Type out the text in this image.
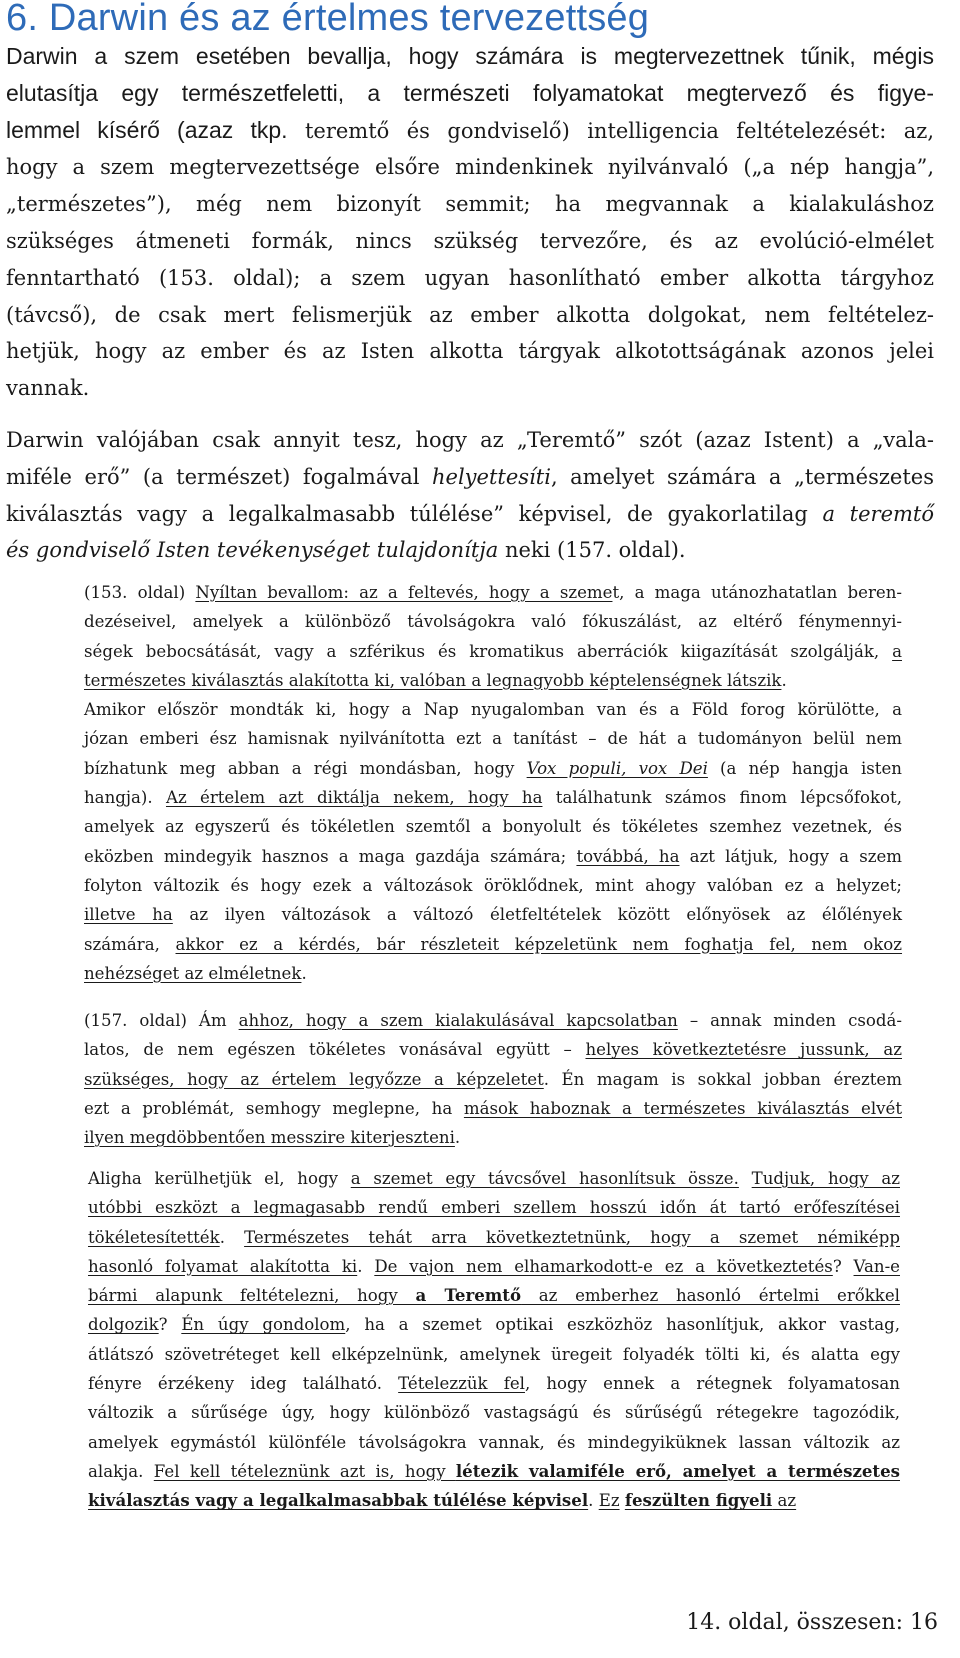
6. Darwin és az értelmes tervezettség
Darwin a szem esetében bevallja, hogy számára is megtervezettnek tűnik, mégis
elutasítja egy természetfeletti, a természeti folyamatokat megtervező és figye-
lemmel kísérő (azaz tkp. teremtő és gondviselő) intelligencia feltételezését: az,
hogy a szem megtervezettsége elsőre mindenkinek nyilvánvaló („a nép hangja”,
„természetes”), még nem bizonyít semmit; ha megvannak a kialakuláshoz
szükséges átmeneti formák, nincs szükség tervezőre, és az evolúció-elmélet
fenntartható (153. oldal); a szem ugyan hasonlítható ember alkotta tárgyhoz
(távcső), de csak mert felismerjük az ember alkotta dolgokat, nem feltételez-
hetjük, hogy az ember és az Isten alkotta tárgyak alkotottságának azonos jelei
vannak.
Darwin valójában csak annyit tesz, hogy az „Teremtő” szót (azaz Istent) a „vala-
miféle erő” (a természet) fogalmával helyettesíti, amelyet számára a „természetes
kiválasztás vagy a legalkalmasabb túlélése” képvisel, de gyakorlatilag a teremtő
és gondviselő Isten tevékenységet tulajdonítja neki (157. oldal).
(153. oldal) Nyíltan bevallom: az a feltevés, hogy a szemet, a maga utánozhatatlan beren-
dezéseivel, amelyek a különböző távolságokra való fókuszálást, az eltérő fénymennyi-
ségek bebocsátását, vagy a szférikus és kromatikus aberrációk kiigazítását szolgálják, a
természetes kiválasztás alakította ki, valóban a legnagyobb képtelenségnek látszik.
Amikor először mondták ki, hogy a Nap nyugalomban van és a Föld forog körülötte, a
józan emberi ész hamisnak nyilvánította ezt a tanítást – de hát a tudományon belül nem
bízhatunk meg abban a régi mondásban, hogy Vox populi, vox Dei (a nép hangja isten
hangja). Az értelem azt diktálja nekem, hogy ha találhatunk számos finom lépcsőfokot,
amelyek az egyszerű és tökéletlen szemtől a bonyolult és tökéletes szemhez vezetnek, és
eközben mindegyik hasznos a maga gazdája számára; továbbá, ha azt látjuk, hogy a szem
folyton változik és hogy ezek a változások öröklődnek, mint ahogy valóban ez a helyzet;
illetve ha az ilyen változások a változó életfeltételek között előnyösek az élőlények
számára, akkor ez a kérdés, bár részleteit képzeletünk nem foghatja fel, nem okoz
nehézséget az elméletnek.
(157. oldal) Ám ahhoz, hogy a szem kialakulásával kapcsolatban – annak minden csodá-
latos, de nem egészen tökéletes vonásával együtt – helyes következtetésre jussunk, az
szükséges, hogy az értelem legyőzze a képzeletet. Én magam is sokkal jobban éreztem
ezt a problémát, semhogy meglepne, ha mások haboznak a természetes kiválasztás elvét
ilyen megdöbbentően messzire kiterjeszteni.
Aligha kerülhetjük el, hogy a szemet egy távcsővel hasonlítsuk össze. Tudjuk, hogy az
utóbbi eszközt a legmagasabb rendű emberi szellem hosszú időn át tartó erőfeszítései
tökéletesítették. Természetes tehát arra következtetnünk, hogy a szemet némiképp
hasonló folyamat alakította ki. De vajon nem elhamarkodott-e ez a következtetés? Van-e
bármi alapunk feltételezni, hogy a Teremtő az emberhez hasonló értelmi erőkkel
dolgozik? Én úgy gondolom, ha a szemet optikai eszközhöz hasonlítjuk, akkor vastag,
átlátszó szövetréteget kell elképzelnünk, amelynek üregeit folyadék tölti ki, és alatta egy
fényre érzékeny ideg található. Tételezzük fel, hogy ennek a rétegnek folyamatosan
változik a sűrűsége úgy, hogy különböző vastagságú és sűrűségű rétegekre tagozódik,
amelyek egymástól különféle távolságokra vannak, és mindegyiküknek lassan változik az
alakja. Fel kell tételeznünk azt is, hogy létezik valamiféle erő, amelyet a természetes
kiválasztás vagy a legalkalmasabbak túlélése képvisel. Ez feszülten figyeli az
14. oldal, összesen: 16
